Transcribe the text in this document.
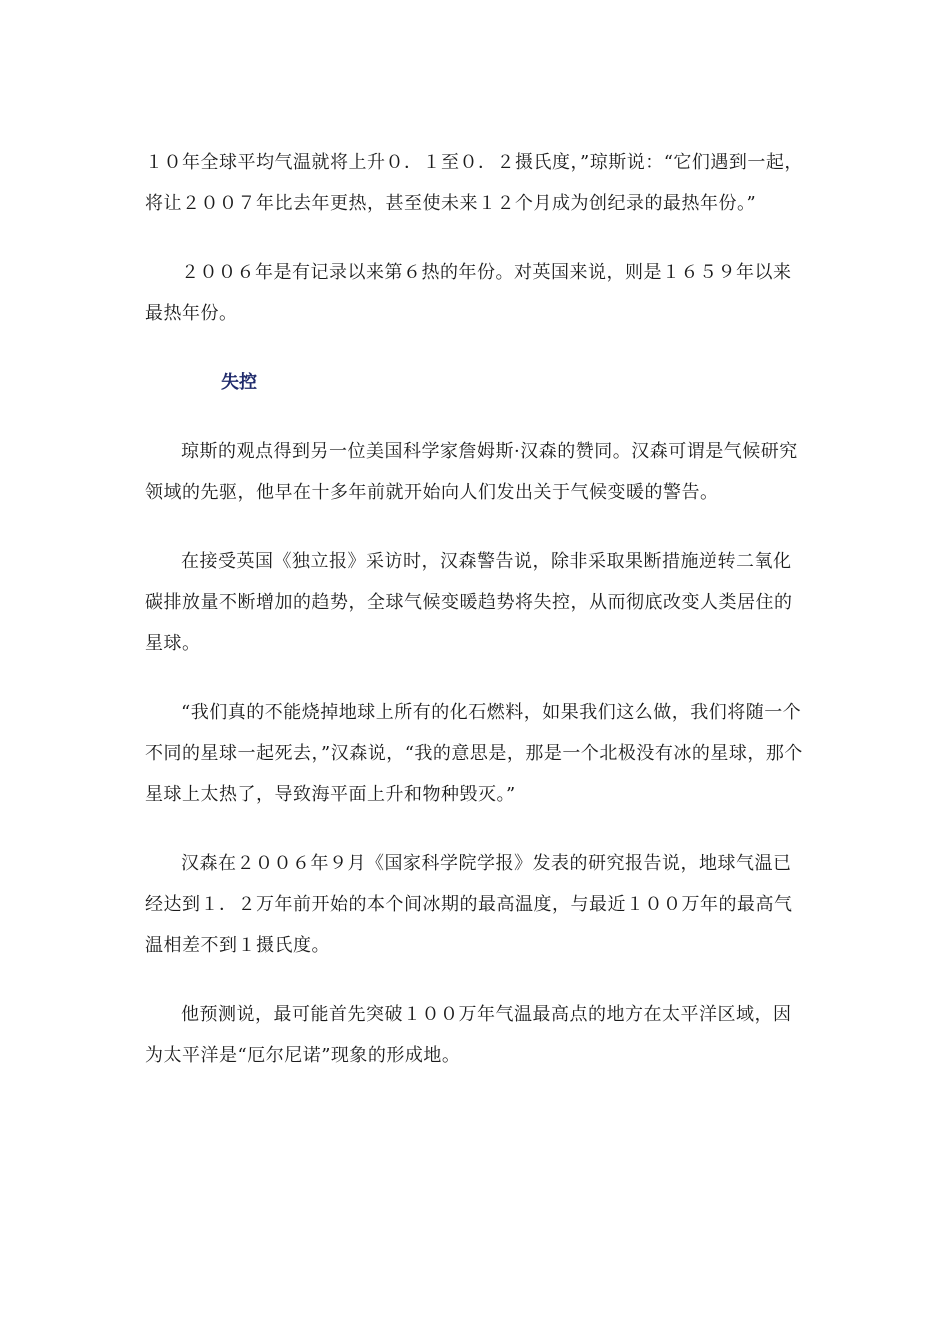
１０年全球平均气温就将上升０．１至０．２摄氏度，”琼斯说：“它们遇到一起，将让２００７年比去年更热，甚至使未来１２个月成为创纪录的最热年份。”

２００６年是有记录以来第６热的年份。对英国来说，则是１６５９年以来最热年份。

失控

琼斯的观点得到另一位美国科学家詹姆斯·汉森的赞同。汉森可谓是气候研究领域的先驱，他早在十多年前就开始向人们发出关于气候变暖的警告。

在接受英国《独立报》采访时，汉森警告说，除非采取果断措施逆转二氧化碳排放量不断增加的趋势，全球气候变暖趋势将失控，从而彻底改变人类居住的星球。

“我们真的不能烧掉地球上所有的化石燃料，如果我们这么做，我们将随一个不同的星球一起死去，”汉森说，“我的意思是，那是一个北极没有冰的星球，那个星球上太热了，导致海平面上升和物种毁灭。”

汉森在２００６年９月《国家科学院学报》发表的研究报告说，地球气温已经达到１．２万年前开始的本个间冰期的最高温度，与最近１００万年的最高气温相差不到１摄氏度。

他预测说，最可能首先突破１００万年气温最高点的地方在太平洋区域，因为太平洋是“厄尔尼诺”现象的形成地。
